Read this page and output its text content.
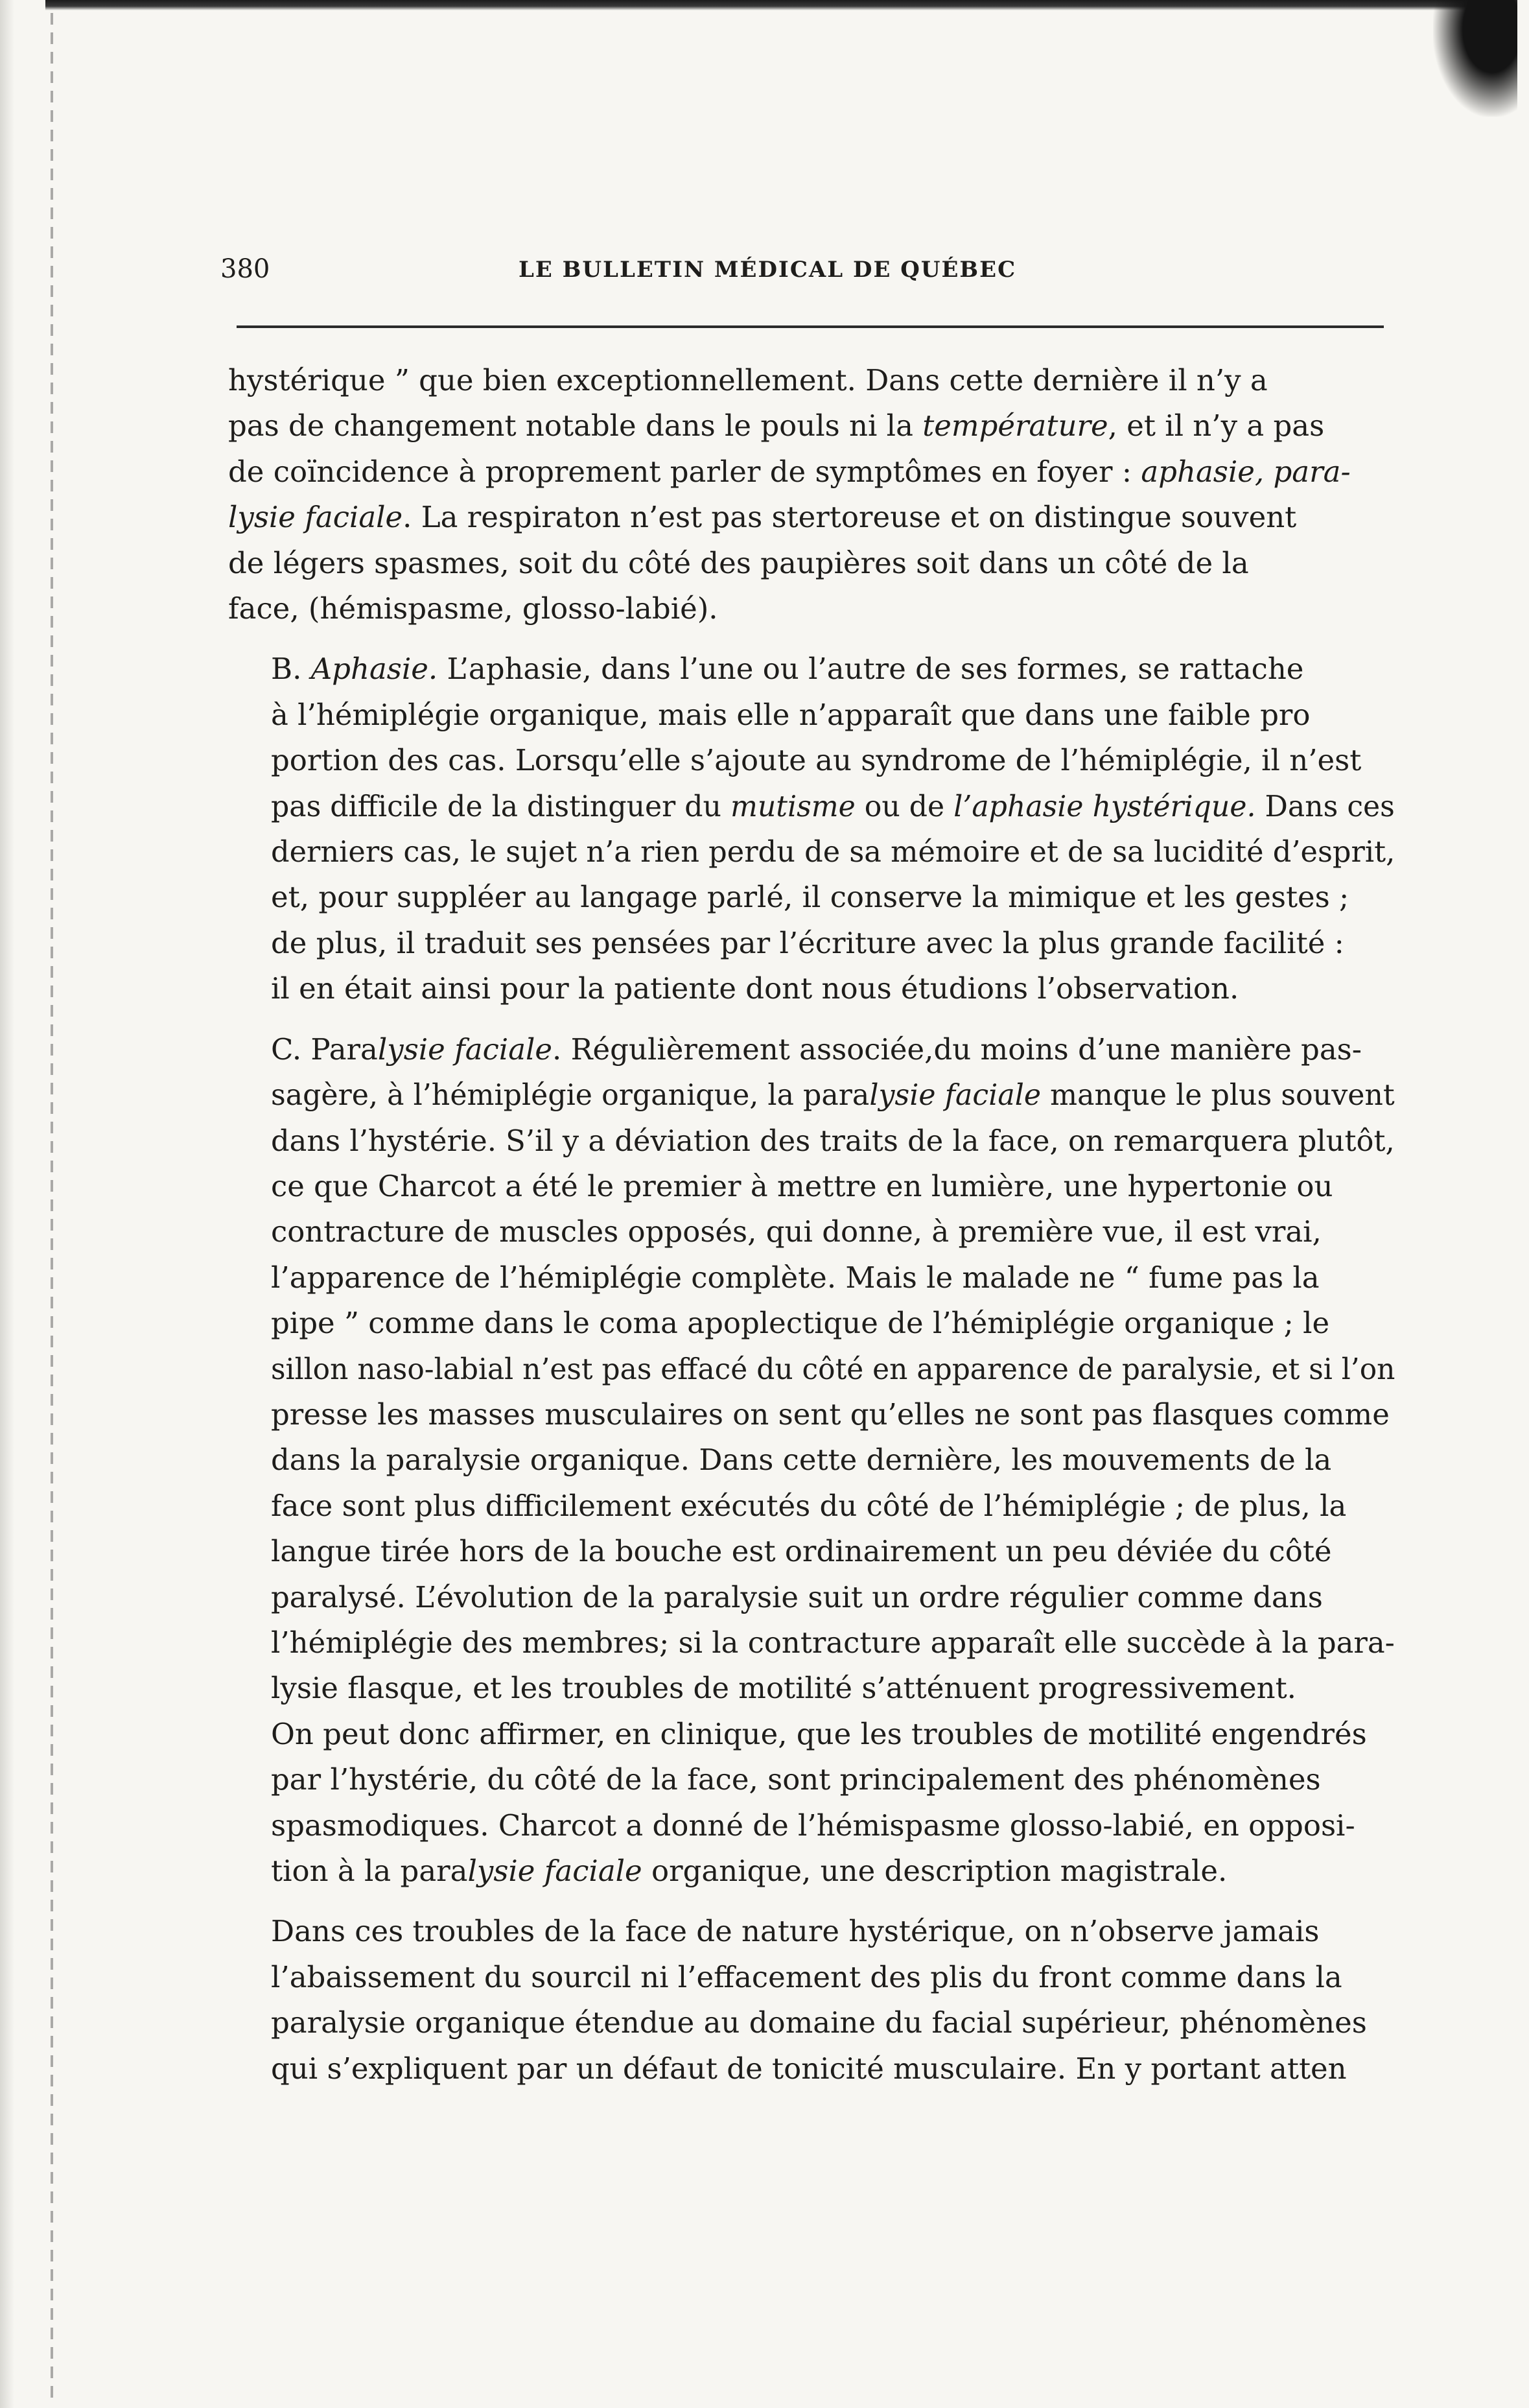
380	LE BULLETIN MÉDICAL DE QUÉBEC

hystérique ” que bien exceptionnellement. Dans cette dernière il n’y a
pas de changement notable dans le pouls ni la température, et il n’y a pas
de coïncidence à proprement parler de symptômes en foyer : aphasie, para-
lysie faciale. La respiraton n’est pas stertoreuse et on distingue souvent
de légers spasmes, soit du côté des paupières soit dans un côté de la
face, (hémispasme, glosso-labié).

B. Aphasie. L’aphasie, dans l’une ou l’autre de ses formes, se rattache
à l’hémiplégie organique, mais elle n’apparaît que dans une faible pro
portion des cas. Lorsqu’elle s’ajoute au syndrome de l’hémiplégie, il n’est
pas difficile de la distinguer du mutisme ou de l’aphasie hystérique. Dans ces
derniers cas, le sujet n’a rien perdu de sa mémoire et de sa lucidité d’esprit,
et, pour suppléer au langage parlé, il conserve la mimique et les gestes ;
de plus, il traduit ses pensées par l’écriture avec la plus grande facilité :
il en était ainsi pour la patiente dont nous étudions l’observation.

C. Paralysie faciale. Régulièrement associée,du moins d’une manière pas-
sagère, à l’hémiplégie organique, la paralysie faciale manque le plus souvent
dans l’hystérie. S’il y a déviation des traits de la face, on remarquera plutôt,
ce que Charcot a été le premier à mettre en lumière, une hypertonie ou
contracture de muscles opposés, qui donne, à première vue, il est vrai,
l’apparence de l’hémiplégie complète. Mais le malade ne “ fume pas la
pipe ” comme dans le coma apoplectique de l’hémiplégie organique ; le
sillon naso-labial n’est pas effacé du côté en apparence de paralysie, et si l’on
presse les masses musculaires on sent qu’elles ne sont pas flasques comme
dans la paralysie organique. Dans cette dernière, les mouvements de la
face sont plus difficilement exécutés du côté de l’hémiplégie ; de plus, la
langue tirée hors de la bouche est ordinairement un peu déviée du côté
paralysé. L’évolution de la paralysie suit un ordre régulier comme dans
l’hémiplégie des membres; si la contracture apparaît elle succède à la para-
lysie flasque, et les troubles de motilité s’atténuent progressivement.
On peut donc affirmer, en clinique, que les troubles de motilité engendrés
par l’hystérie, du côté de la face, sont principalement des phénomènes
spasmodiques. Charcot a donné de l’hémispasme glosso-labié, en opposi-
tion à la paralysie faciale organique, une description magistrale.

Dans ces troubles de la face de nature hystérique, on n’observe jamais
l’abaissement du sourcil ni l’effacement des plis du front comme dans la
paralysie organique étendue au domaine du facial supérieur, phénomènes
qui s’expliquent par un défaut de tonicité musculaire. En y portant atten
